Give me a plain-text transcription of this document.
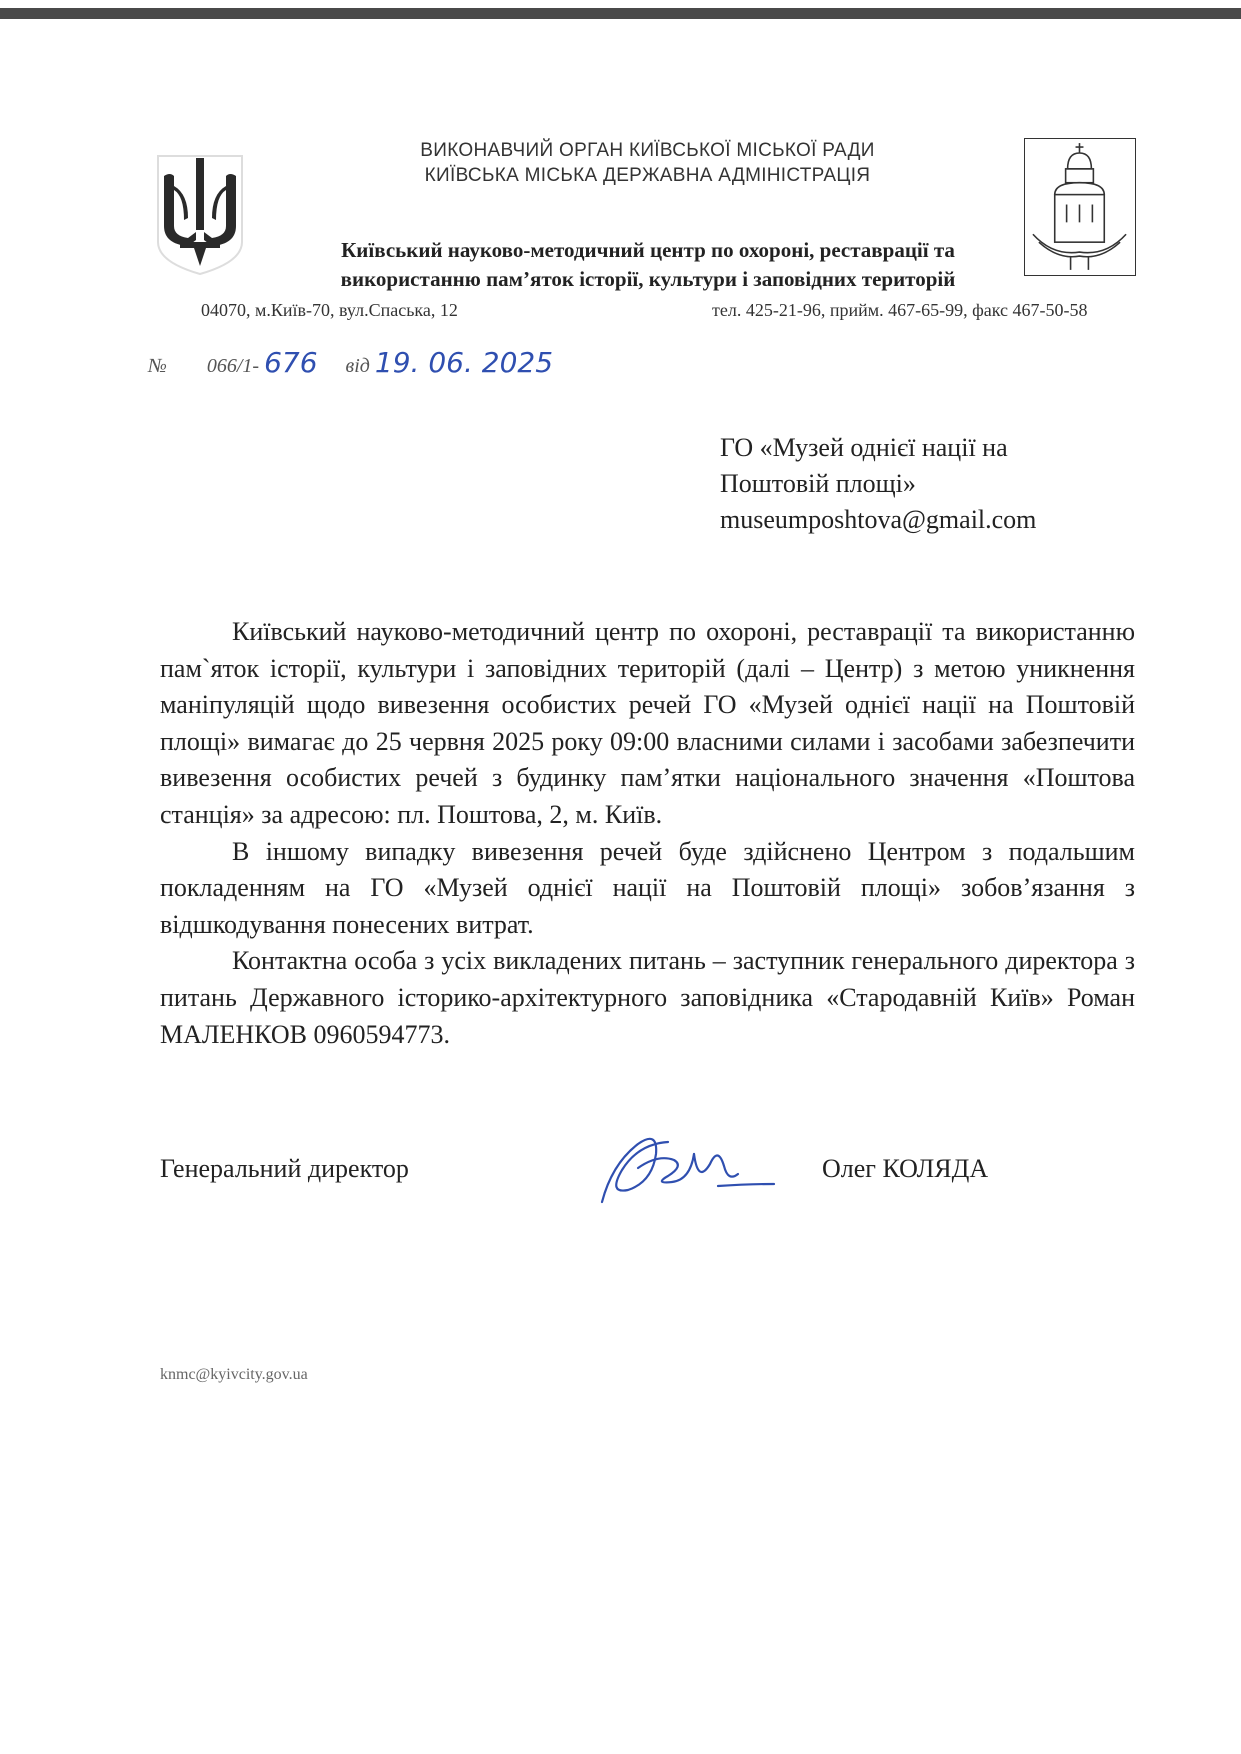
ВИКОНАВЧИЙ ОРГАН КИЇВСЬКОЇ МІСЬКОЇ РАДИ
КИЇВСЬКА МІСЬКА ДЕРЖАВНА АДМІНІСТРАЦІЯ
Київський науково-методичний центр по охороні, реставрації та
використанню пам’яток історії, культури і заповідних територій
04070, м.Київ-70, вул.Спаська, 12	тел. 425-21-96, прийм. 467-65-99, факс 467-50-58
№ 066/1- 676 від 19. 06. 2025
ГО «Музей однієї нації на
Поштовій площі»
museumposhtova@gmail.com

Київський науково-методичний центр по охороні, реставрації та використанню пам`яток історії, культури і заповідних територій (далі – Центр) з метою уникнення маніпуляцій щодо вивезення особистих речей ГО «Музей однієї нації на Поштовій площі» вимагає до 25 червня 2025 року 09:00 власними силами і засобами забезпечити вивезення особистих речей з будинку пам’ятки національного значення «Поштова станція» за адресою: пл. Поштова, 2, м. Київ.

В іншому випадку вивезення речей буде здійснено Центром з подальшим покладенням на ГО «Музей однієї нації на Поштовій площі» зобов’язання з відшкодування понесених витрат.

Контактна особа з усіх викладених питань – заступник генерального директора з питань Державного історико-архітектурного заповідника «Стародавній Київ» Роман МАЛЕНКОВ 0960594773.

Генеральний директор	Олег КОЛЯДА
knmc@kyivcity.gov.ua
